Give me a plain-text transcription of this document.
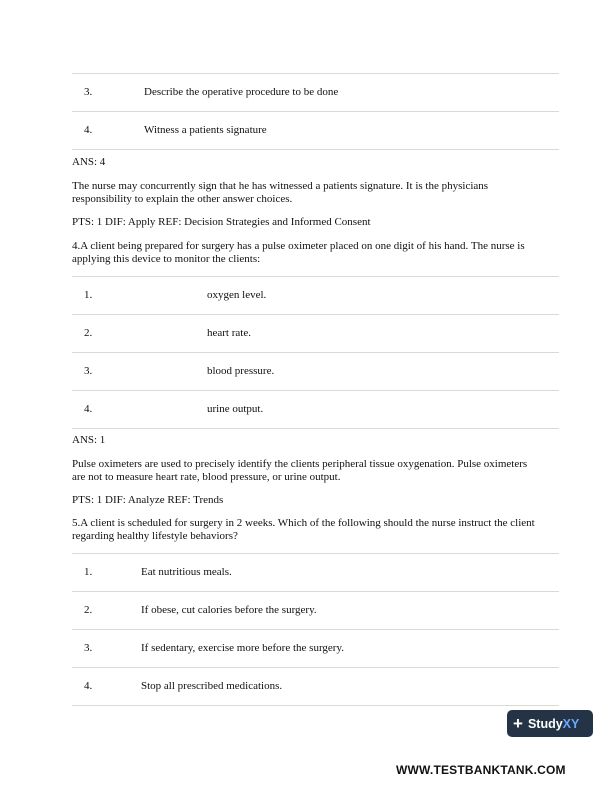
3.	Describe the operative procedure to be done
4.	Witness a patients signature

ANS: 4

The nurse may concurrently sign that he has witnessed a patients signature. It is the physicians responsibility to explain the other answer choices.

PTS: 1 DIF: Apply REF: Decision Strategies and Informed Consent

4.A client being prepared for surgery has a pulse oximeter placed on one digit of his hand. The nurse is applying this device to monitor the clients:

1.	oxygen level.
2.	heart rate.
3.	blood pressure.
4.	urine output.

ANS: 1

Pulse oximeters are used to precisely identify the clients peripheral tissue oxygenation. Pulse oximeters are not to measure heart rate, blood pressure, or urine output.

PTS: 1 DIF: Analyze REF: Trends

5.A client is scheduled for surgery in 2 weeks. Which of the following should the nurse instruct the client regarding healthy lifestyle behaviors?

1.	Eat nutritious meals.
2.	If obese, cut calories before the surgery.
3.	If sedentary, exercise more before the surgery.
4.	Stop all prescribed medications.
+ StudyXY
WWW.TESTBANKTANK.COM
